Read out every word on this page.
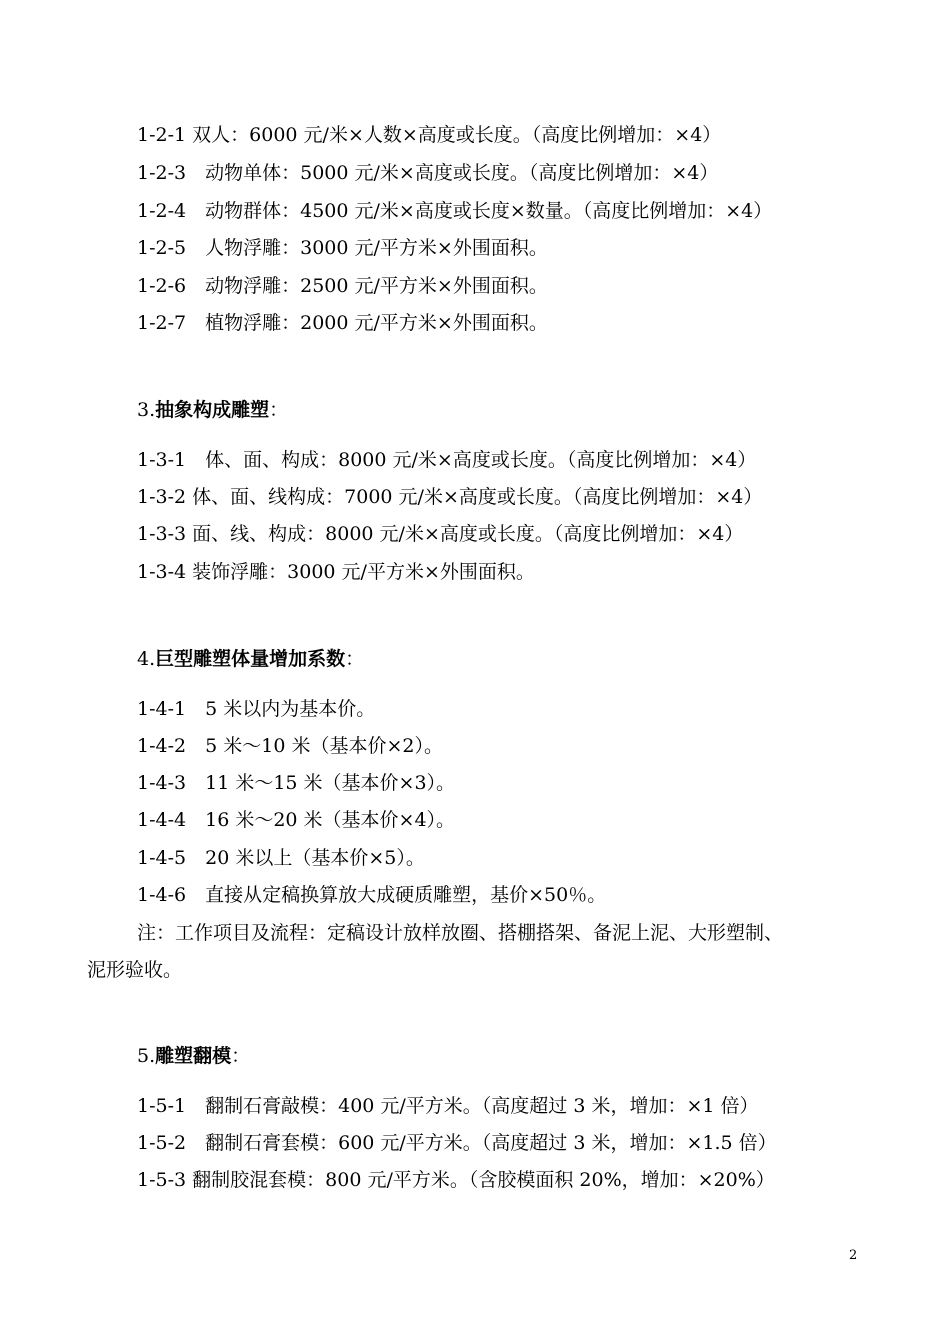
1-2-1 双人：6000 元/米×人数×高度或长度。（高度比例增加：×4）
1-2-3　动物单体：5000 元/米×高度或长度。（高度比例增加：×4）
1-2-4　动物群体：4500 元/米×高度或长度×数量。（高度比例增加：×4）
1-2-5　人物浮雕：3000 元/平方米×外围面积。
1-2-6　动物浮雕：2500 元/平方米×外围面积。
1-2-7　植物浮雕：2000 元/平方米×外围面积。
3.抽象构成雕塑：
1-3-1　体、面、构成：8000 元/米×高度或长度。（高度比例增加：×4）
1-3-2 体、面、线构成：7000 元/米×高度或长度。（高度比例增加：×4）
1-3-3 面、线、构成：8000 元/米×高度或长度。（高度比例增加：×4）
1-3-4 装饰浮雕：3000 元/平方米×外围面积。
4.巨型雕塑体量增加系数：
1-4-1　5 米以内为基本价。
1-4-2　5 米～10 米（基本价×2）。
1-4-3　11 米～15 米（基本价×3）。
1-4-4　16 米～20 米（基本价×4）。
1-4-5　20 米以上（基本价×5）。
1-4-6　直接从定稿换算放大成硬质雕塑，基价×50％。
注：工作项目及流程：定稿设计放样放圈、搭棚搭架、备泥上泥、大形塑制、
泥形验收。
5.雕塑翻模：
1-5-1　翻制石膏敲模：400 元/平方米。（高度超过 3 米，增加：×1 倍）
1-5-2　翻制石膏套模：600 元/平方米。（高度超过 3 米，增加：×1.5 倍）
1-5-3 翻制胶混套模：800 元/平方米。（含胶模面积 20%，增加：×20%）
2
